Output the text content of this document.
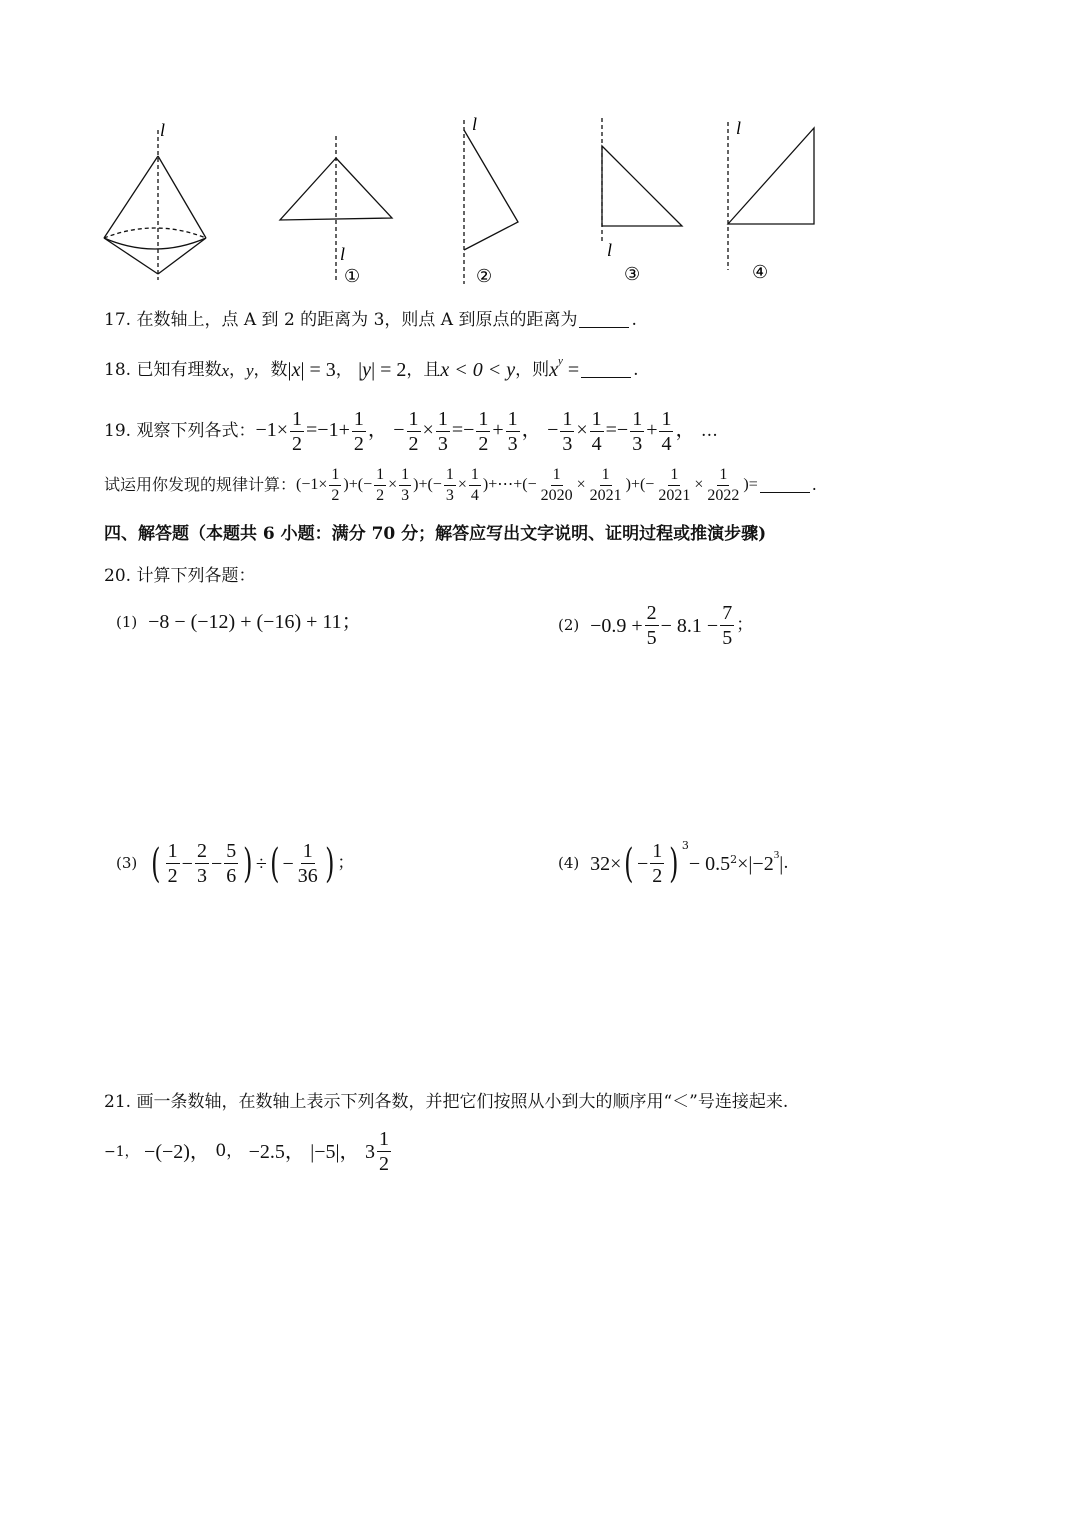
l
l
①
l
②
l
③
l
④
17.
在数轴上，点 A 到 2 的距离为 3，则点 A 到原点的距离为	.
18.
已知有理数 x ， y ，数 |x| = 3 ，
|y| = 2 ，且 x < 0 < y ，则 $x^y$ =	.
19.
观察下列各式： $-1\times \frac{1}{2} =-1+ \frac{1}{2}$ ，
− $\frac{1}{2} \times \frac{1}{3} =- \frac{1}{2} + \frac{1}{3}$ ，
− $\frac{1}{3} \times \frac{1}{4} =- \frac{1}{3} + \frac{1}{4}$ ，
…
试运用你发现的规律计算： ($-1\times \frac{1}{2}$ )+(− $\frac{1}{2} \times \frac{1}{3}$ )+(− $\frac{1}{3} \times \frac{1}{4}$ )+⋯+(− $\frac{1}{2020} \times \frac{1}{2021}$ )+(− $\frac{1}{2021} \times \frac{1}{2022}$ )=	.
四、解答题（本题共 6 小题：满分 70 分；解答应写出文字说明、证明过程或推演步骤)
20.
计算下列各题：
(1)
−8 − (−12) + (−16) + 11；	(2)
$-0.9 + \frac{2}{5} - 8.1 - \frac{7}{5}$ ；
(3)
( $\frac{1}{2} - \frac{2}{3} - \frac{5}{6}$ ) ÷ ( − $\frac{1}{36}$ ) ；	(4)
32× ( − $\frac{1}{2}$ ) 3
− 0.5 $2 \times |-2^3|$ .
21.
画一条数轴，在数轴上表示下列各数，并把它们按照从小到大的顺序用“＜”号连接起来.
−1，
−(−2)，
0，
−2.5，
|−5|，
$3 \frac{1}{2}$
